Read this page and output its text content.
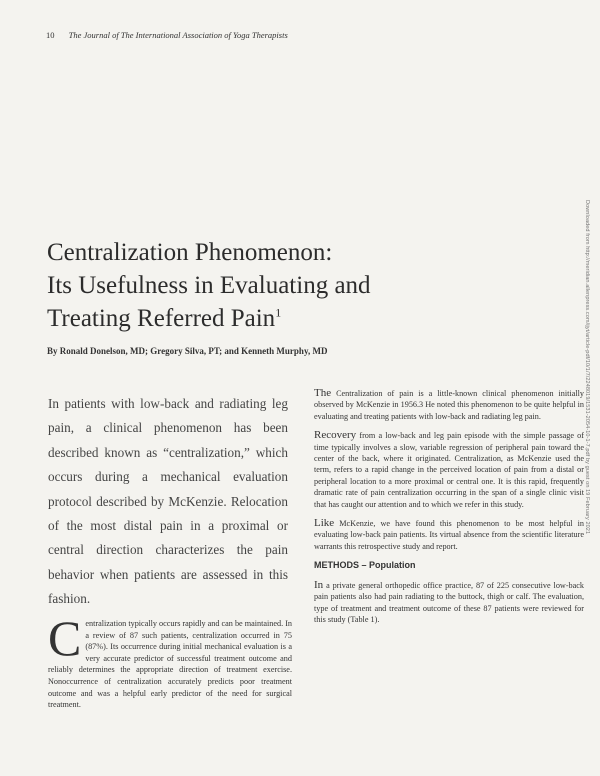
10 The Journal of The International Association of Yoga Therapists
Downloaded from http://meridian.allenpress.com/ijyt/article-pdf/10/1/7/2248019/1531-2054-10-1-7.pdf by guest on 19 February 2021
Centralization Phenomenon:
Its Usefulness in Evaluating and
Treating Referred Pain$^1$
By Ronald Donelson, MD; Gregory Silva, PT; and Kenneth Murphy, MD
In patients with low-back and radiating leg pain, a clinical phenomenon has been described known as “centralization,” which occurs during a mechanical evaluation protocol described by McKenzie. Relocation of the most distal pain in a proximal or central direction characterizes the pain behavior when patients are assessed in this fashion.
Centralization typically occurs rapidly and can be maintained. In a review of 87 such patients, centralization occurred in 75 (87%). Its occurrence during initial mechanical evaluation is a very accurate predictor of successful treatment outcome and reliably determines the appropriate direction of treatment exercise. Nonoccurrence of centralization accurately predicts poor treatment outcome and was a helpful early predictor of the need for surgical treatment.

The Centralization of pain is a little-known clinical phenomenon initially observed by McKenzie in 1956.3 He noted this phenomenon to be quite helpful in evaluating and treating patients with low-back and radiating leg pain.

Recovery from a low-back and leg pain episode with the simple passage of time typically involves a slow, variable regression of peripheral pain toward the center of the back, where it originated. Centralization, as McKenzie used the term, refers to a rapid change in the perceived location of pain from a distal or peripheral location to a more proximal or central one. It is this rapid, frequently dramatic rate of pain centralization occurring in the span of a single clinic visit that has caught our attention and to which we refer in this study.

Like McKenzie, we have found this phenomenon to be most helpful in evaluating low-back pain patients. Its virtual absence from the scientific literature warrants this retrospective study and report.

METHODS – Population

In a private general orthopedic office practice, 87 of 225 consecutive low-back pain patients also had pain radiating to the buttock, thigh or calf. The evaluation, type of treatment and treatment outcome of these 87 patients were reviewed for this study (Table 1).
